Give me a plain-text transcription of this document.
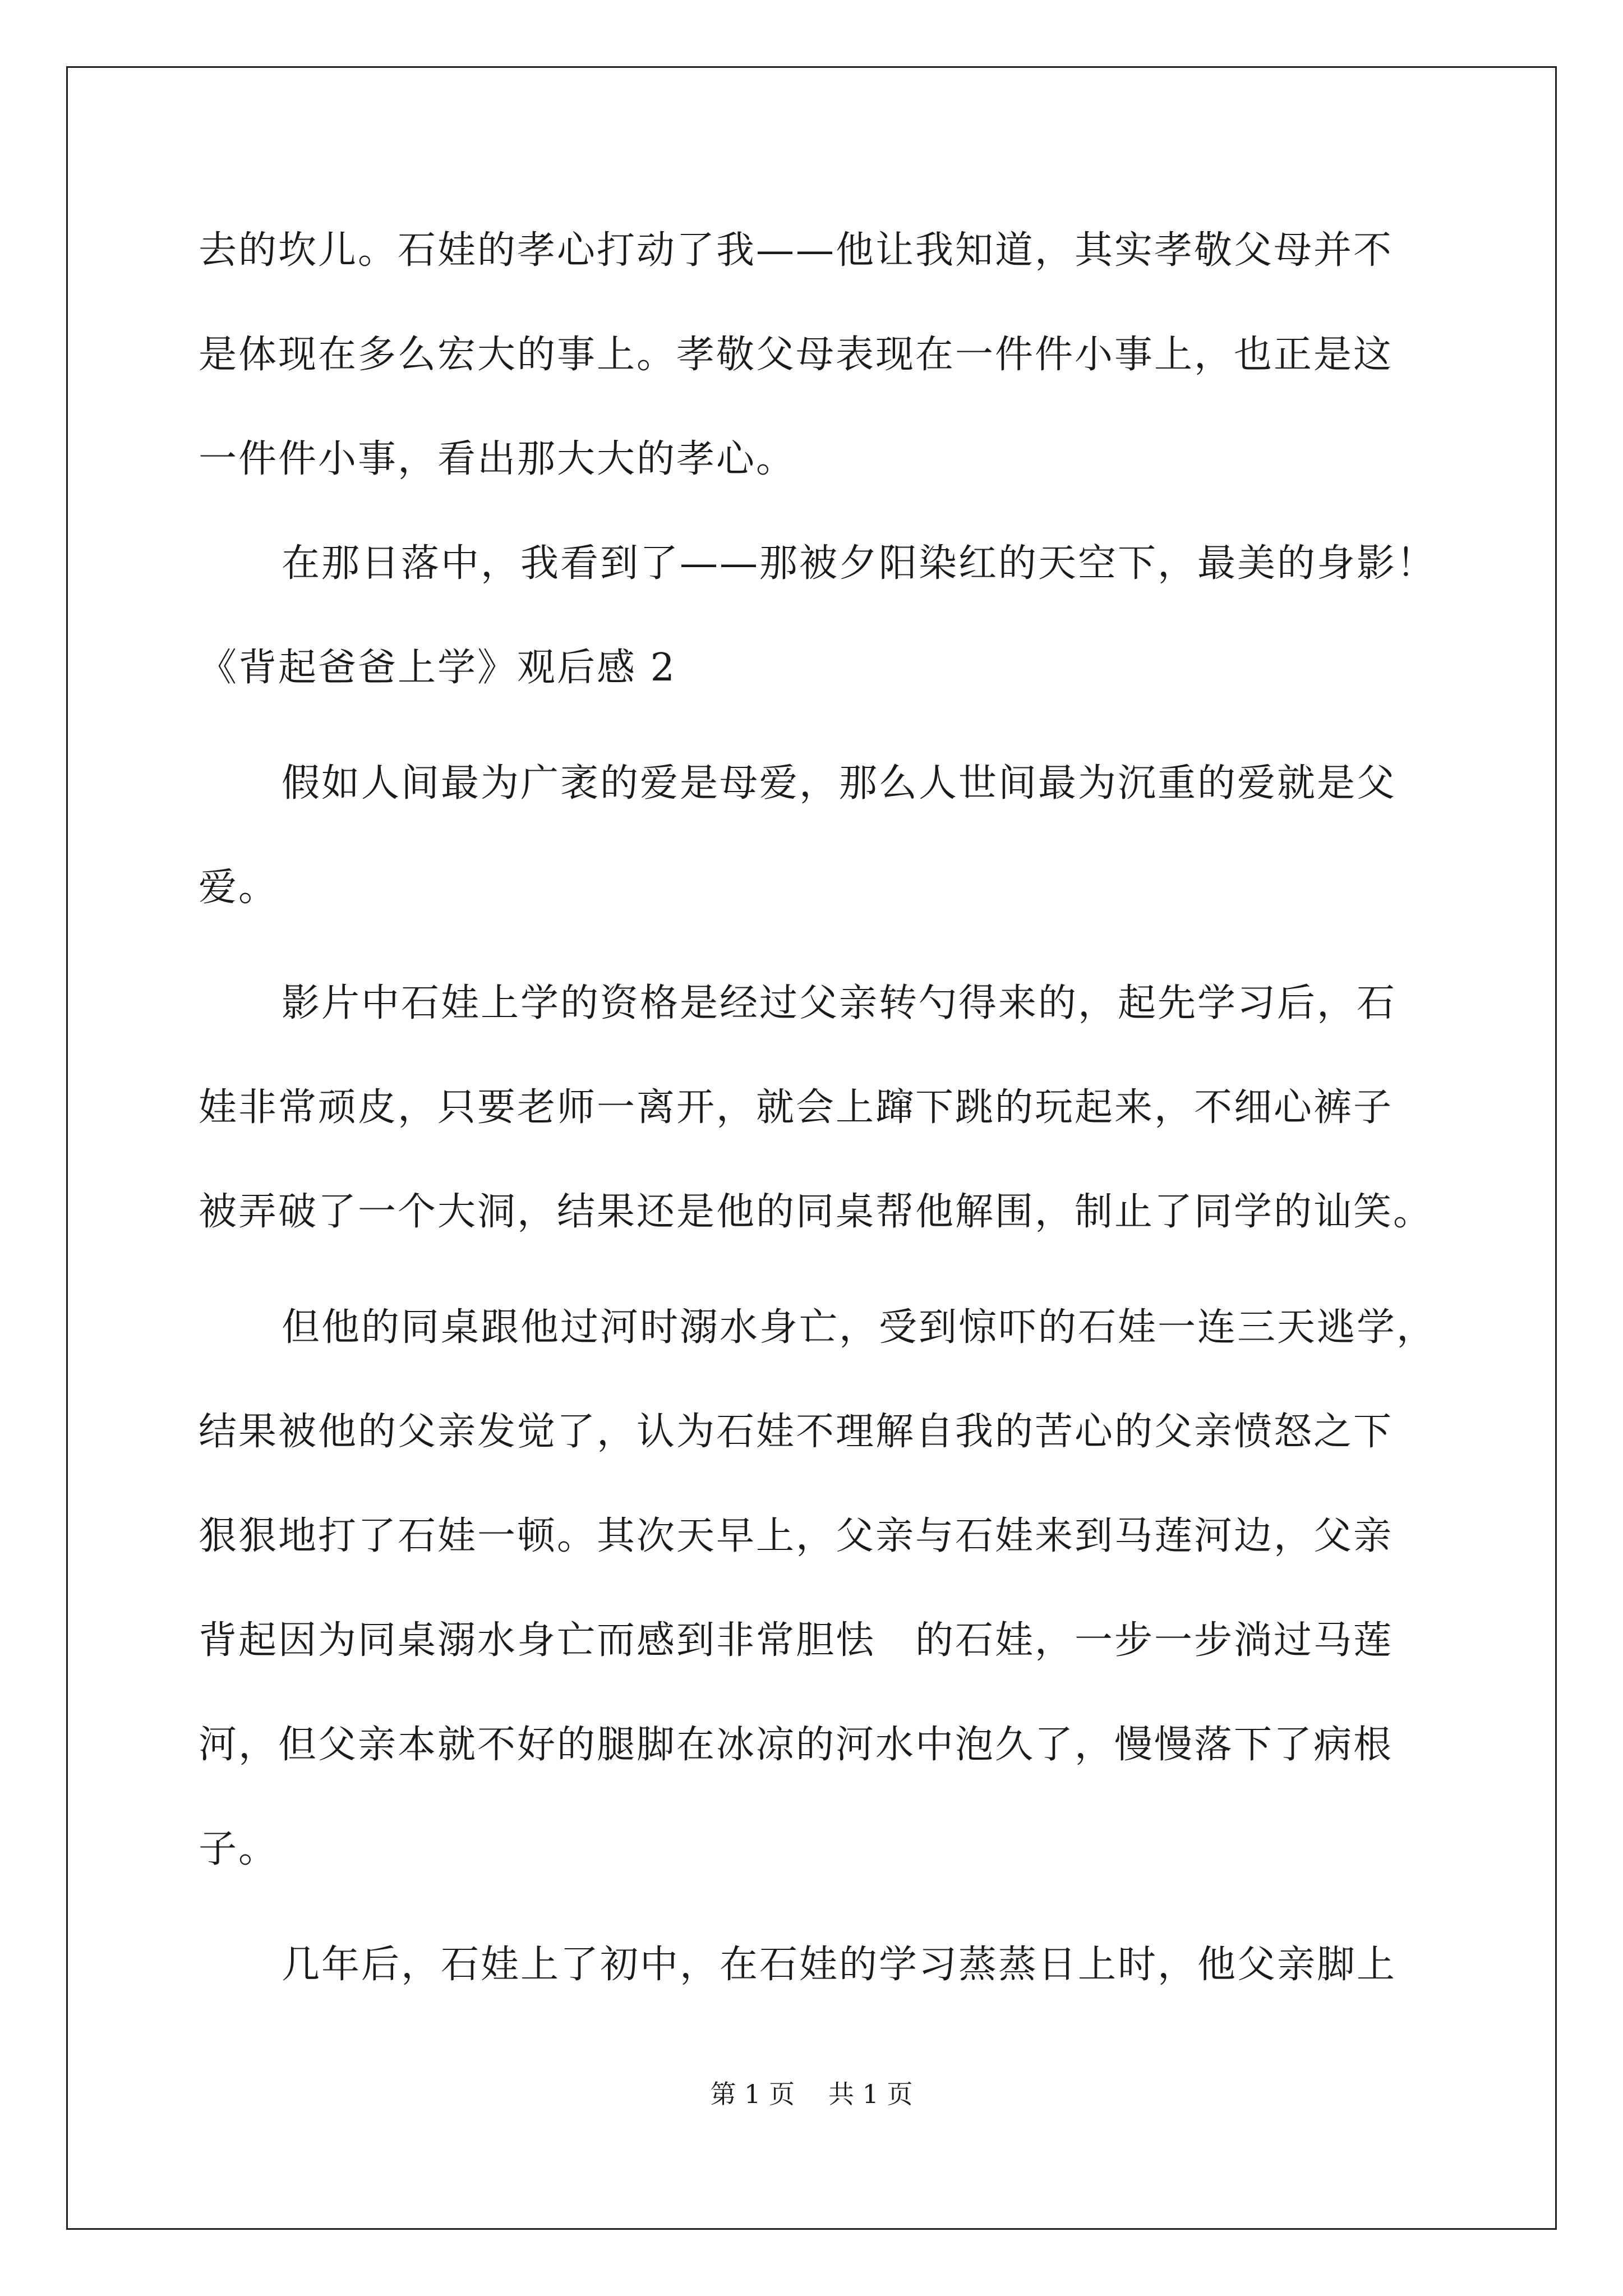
去的坎儿。石娃的孝心打动了我——他让我知道，其实孝敬父母并不
是体现在多么宏大的事上。孝敬父母表现在一件件小事上，也正是这
一件件小事，看出那大大的孝心。
在那日落中，我看到了——那被夕阳染红的天空下，最美的身影！
《背起爸爸上学》观后感 2
假如人间最为广袤的爱是母爱，那么人世间最为沉重的爱就是父
爱。
影片中石娃上学的资格是经过父亲转勺得来的，起先学习后，石
娃非常顽皮，只要老师一离开，就会上蹿下跳的玩起来，不细心裤子
被弄破了一个大洞，结果还是他的同桌帮他解围，制止了同学的讪笑。
但他的同桌跟他过河时溺水身亡，受到惊吓的石娃一连三天逃学，
结果被他的父亲发觉了，认为石娃不理解自我的苦心的父亲愤怒之下
狠狠地打了石娃一顿。其次天早上，父亲与石娃来到马莲河边，父亲
背起因为同桌溺水身亡而感到非常胆怯　的石娃，一步一步淌过马莲
河，但父亲本就不好的腿脚在冰凉的河水中泡久了，慢慢落下了病根
子。
几年后，石娃上了初中，在石娃的学习蒸蒸日上时，他父亲脚上
第 1 页 共 1 页
